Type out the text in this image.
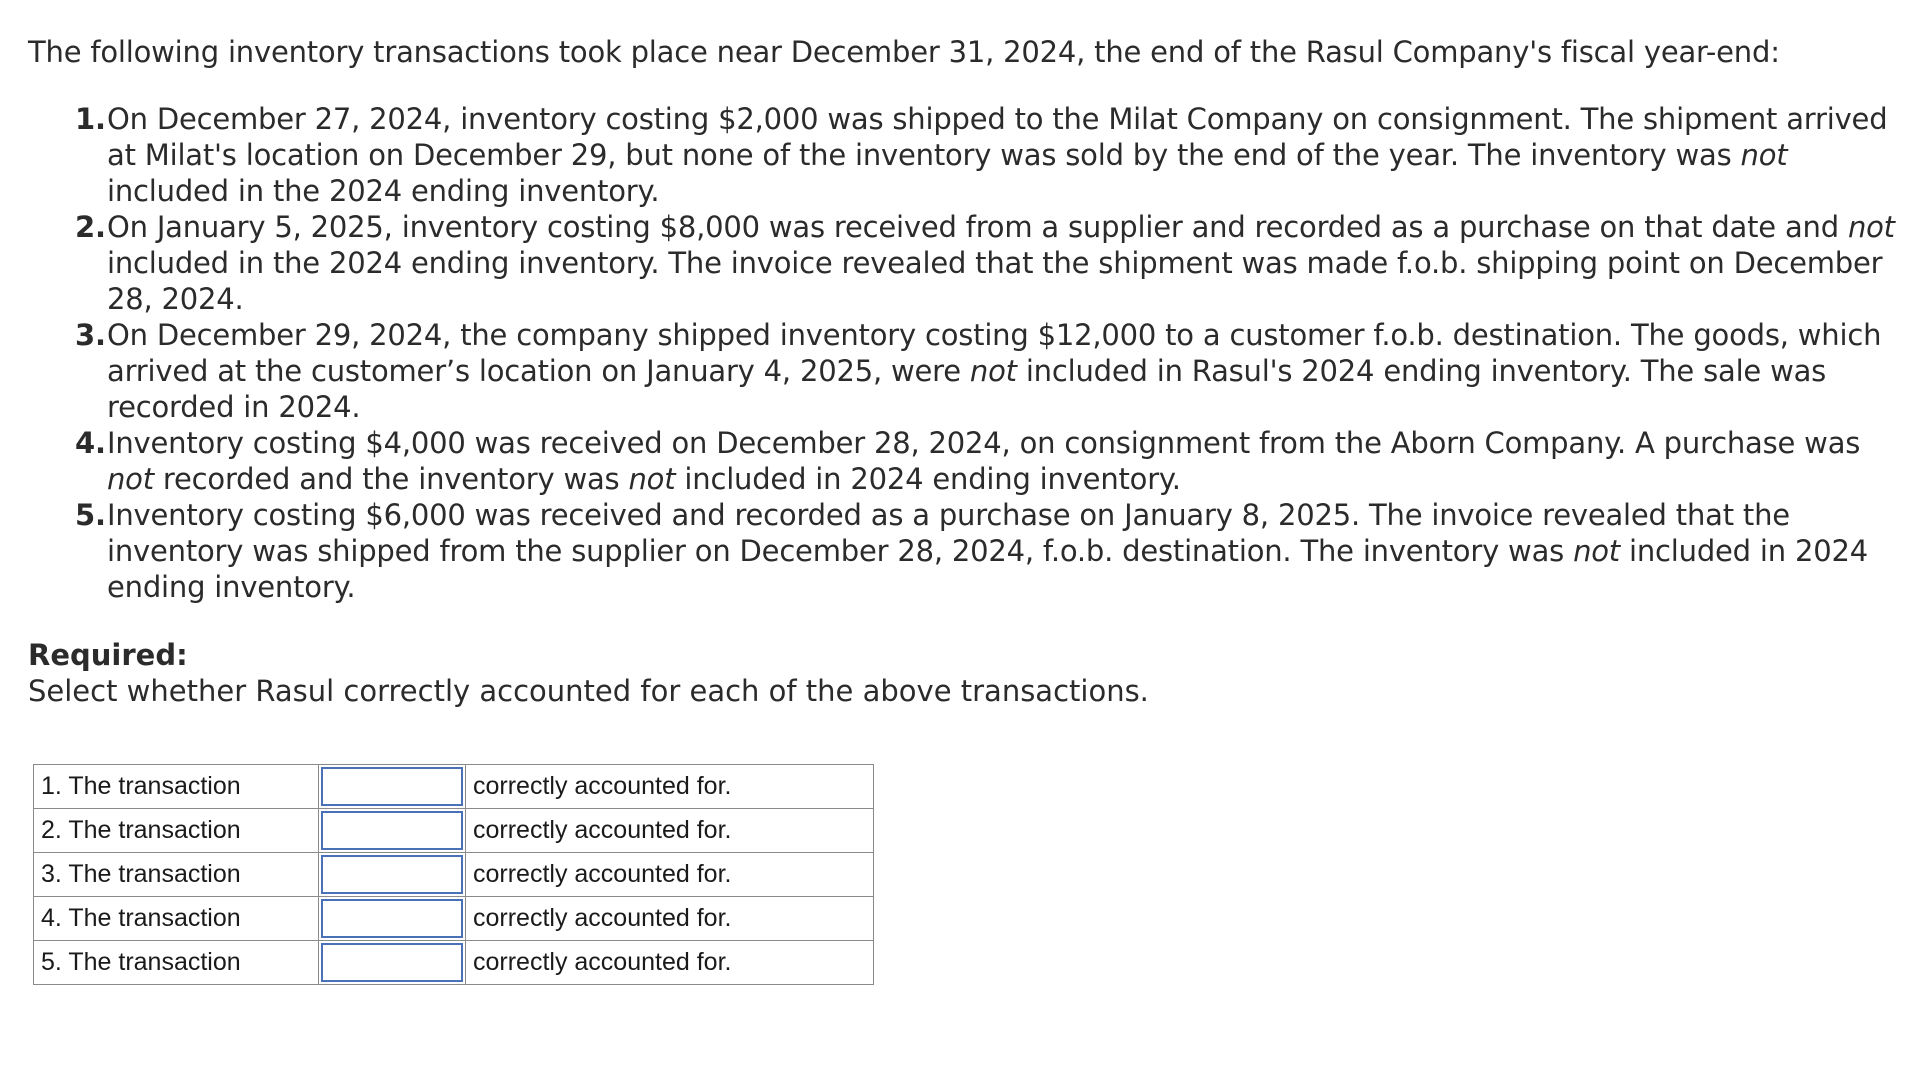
The following inventory transactions took place near December 31, 2024, the end of the Rasul Company's fiscal year-end:
1. On December 27, 2024, inventory costing $2,000 was shipped to the Milat Company on consignment. The shipment arrived at Milat's location on December 29, but none of the inventory was sold by the end of the year. The inventory was not included in the 2024 ending inventory.
2. On January 5, 2025, inventory costing $8,000 was received from a supplier and recorded as a purchase on that date and not included in the 2024 ending inventory. The invoice revealed that the shipment was made f.o.b. shipping point on December 28, 2024.
3. On December 29, 2024, the company shipped inventory costing $12,000 to a customer f.o.b. destination. The goods, which arrived at the customer’s location on January 4, 2025, were not included in Rasul's 2024 ending inventory. The sale was recorded in 2024.
4. Inventory costing $4,000 was received on December 28, 2024, on consignment from the Aborn Company. A purchase was not recorded and the inventory was not included in 2024 ending inventory.
5. Inventory costing $6,000 was received and recorded as a purchase on January 8, 2025. The invoice revealed that the inventory was shipped from the supplier on December 28, 2024, f.o.b. destination. The inventory was not included in 2024 ending inventory.
Required:
Select whether Rasul correctly accounted for each of the above transactions.
1. The transaction		correctly accounted for.
2. The transaction		correctly accounted for.
3. The transaction		correctly accounted for.
4. The transaction		correctly accounted for.
5. The transaction		correctly accounted for.
